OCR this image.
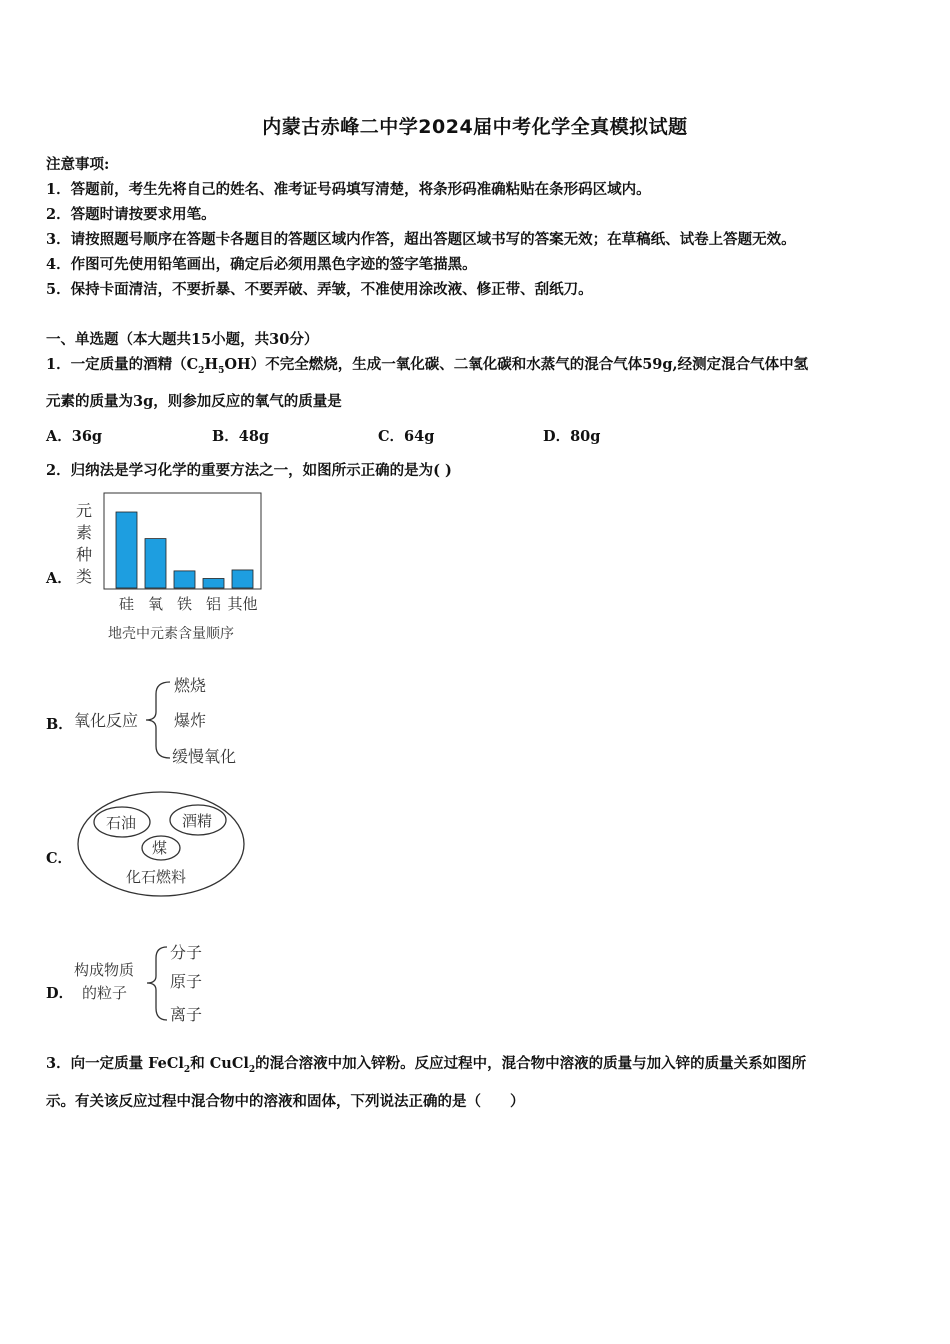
内蒙古赤峰二中学2024届中考化学全真模拟试题
注意事项:
1．答题前，考生先将自己的姓名、准考证号码填写清楚，将条形码准确粘贴在条形码区域内。
2．答题时请按要求用笔。
3．请按照题号顺序在答题卡各题目的答题区域内作答，超出答题区域书写的答案无效；在草稿纸、试卷上答题无效。
4．作图可先使用铅笔画出，确定后必须用黑色字迹的签字笔描黑。
5．保持卡面清洁，不要折暴、不要弄破、弄皱，不准使用涂改液、修正带、刮纸刀。
一、单选题（本大题共15小题，共30分）
1．一定质量的酒精$(C_2H_5OH)$不完全燃烧，生成一氧化碳、二氧化碳和水蒸气的混合气体59g,经测定混合气体中氢
元素的质量为3g，则参加反应的氧气的质量是
A．36g	B．48g	C．64g	D．80g
2．归纳法是学习化学的重要方法之一，如图所示正确的是为( )
A．
元
素
种
类
硅 氧 铁 铝 其他
地壳中元素含量顺序
B． 氧化反应
燃烧
爆炸
缓慢氧化
C．
石油	酒精
煤
化石燃料
D．
构成物质
的粒子
分子
原子
离子
3．向一定质量 FeCl$_2$和 CuCl$_2$的混合溶液中加入锌粉。反应过程中，混合物中溶液的质量与加入锌的质量关系如图所
示。有关该反应过程中混合物中的溶液和固体，下列说法正确的是（　　）
